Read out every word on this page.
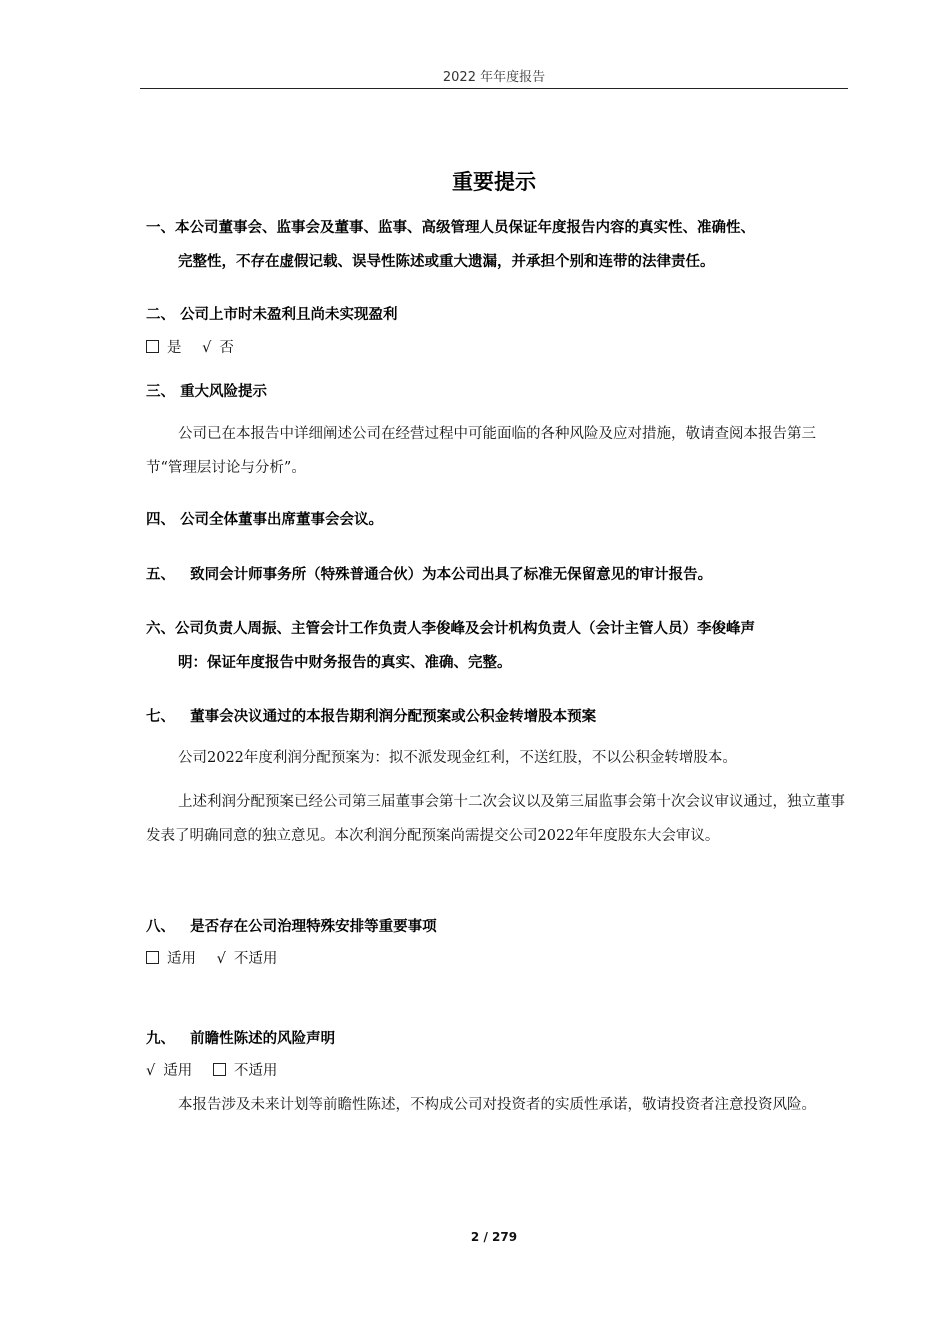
2022 年年度报告
重要提示
一、本公司董事会、监事会及董事、监事、高级管理人员保证年度报告内容的真实性、准确性、
完整性，不存在虚假记载、误导性陈述或重大遗漏，并承担个别和连带的法律责任。
二、 公司上市时未盈利且尚未实现盈利
是 √ 否
三、 重大风险提示
公司已在本报告中详细阐述公司在经营过程中可能面临的各种风险及应对措施，敬请查阅本报告第三节“管理层讨论与分析”。
四、 公司全体董事出席董事会会议。
五、 致同会计师事务所（特殊普通合伙）为本公司出具了标准无保留意见的审计报告。
六、公司负责人周振、主管会计工作负责人李俊峰及会计机构负责人（会计主管人员）李俊峰声
明：保证年度报告中财务报告的真实、准确、完整。
七、 董事会决议通过的本报告期利润分配预案或公积金转增股本预案
公司2022年度利润分配预案为：拟不派发现金红利，不送红股，不以公积金转增股本。
上述利润分配预案已经公司第三届董事会第十二次会议以及第三届监事会第十次会议审议通过，独立董事发表了明确同意的独立意见。本次利润分配预案尚需提交公司2022年年度股东大会审议。
八、 是否存在公司治理特殊安排等重要事项
适用 √ 不适用
九、 前瞻性陈述的风险声明
√ 适用	不适用
本报告涉及未来计划等前瞻性陈述，不构成公司对投资者的实质性承诺，敬请投资者注意投资风险。
2 / 279
